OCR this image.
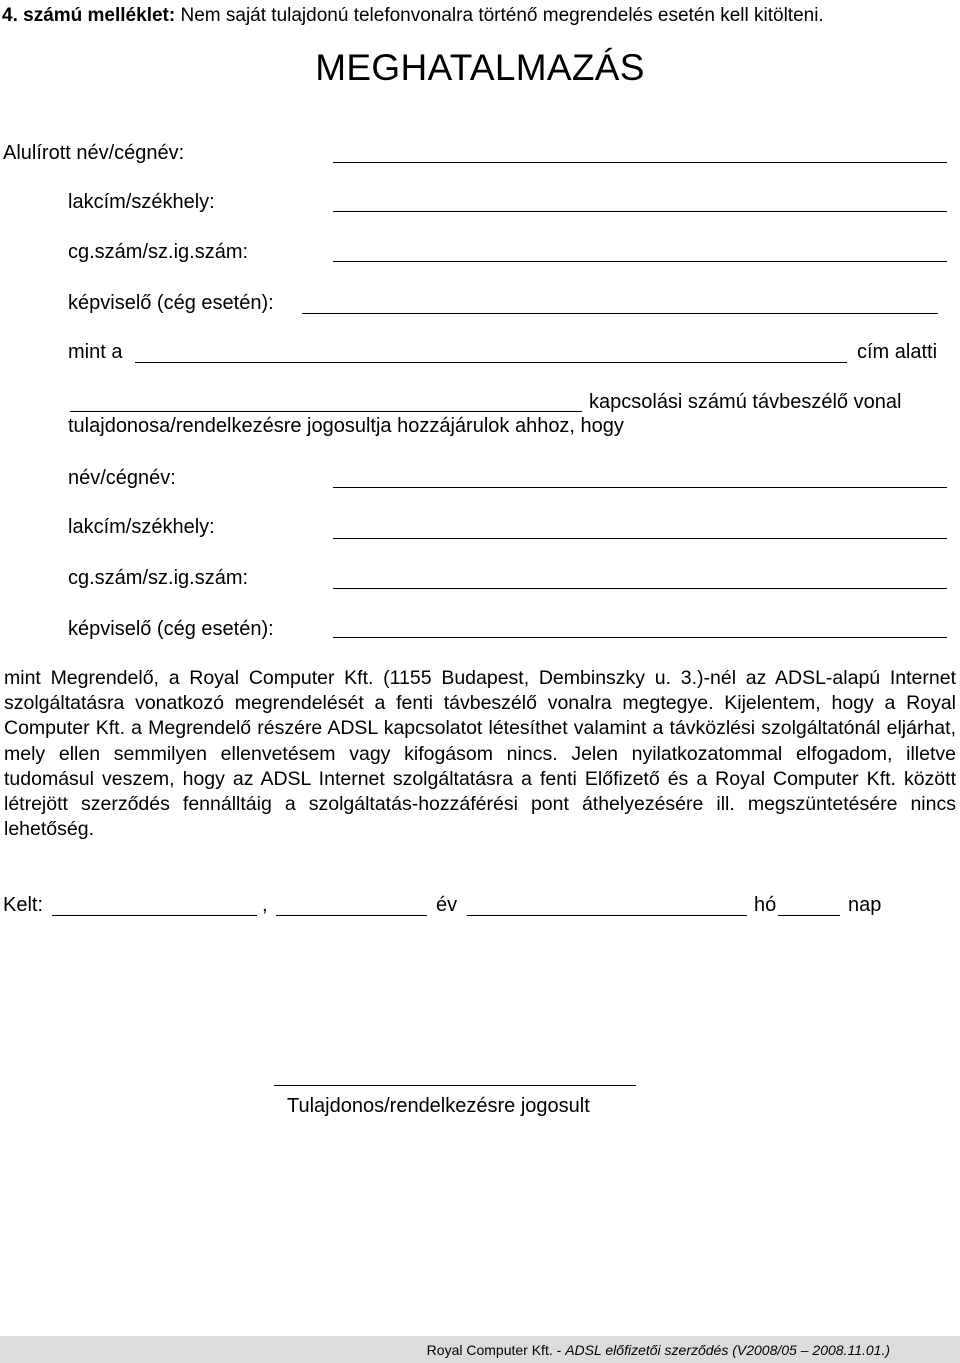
4. számú melléklet: Nem saját tulajdonú telefonvonalra történő megrendelés esetén kell kitölteni.
MEGHATALMAZÁS
Alulírott név/cégnév:
lakcím/székhely:
cg.szám/sz.ig.szám:
képviselő (cég esetén):
mint a	cím alatti
kapcsolási számú távbeszélő vonal
tulajdonosa/rendelkezésre jogosultja hozzájárulok ahhoz, hogy
név/cégnév:
lakcím/székhely:
cg.szám/sz.ig.szám:
képviselő (cég esetén):
mint Megrendelő, a Royal Computer Kft. (1155 Budapest, Dembinszky u. 3.)-nél az ADSL-alapú Internet szolgáltatásra vonatkozó megrendelését a fenti távbeszélő vonalra megtegye. Kijelentem, hogy a Royal Computer Kft. a Megrendelő részére ADSL kapcsolatot létesíthet valamint a távközlési szolgáltatónál eljárhat, mely ellen semmilyen ellenvetésem vagy kifogásom nincs. Jelen nyilatkozatommal elfogadom, illetve tudomásul veszem, hogy az ADSL Internet szolgáltatásra a fenti Előfizető és a Royal Computer Kft. között létrejött szerződés fennálltáig a szolgáltatás-hozzáférési pont áthelyezésére ill. megszüntetésére nincs lehetőség.
Kelt:	,	év	hó	nap
Tulajdonos/rendelkezésre jogosult
Royal Computer Kft. - ADSL előfizetői szerződés (V2008/05 – 2008.11.01.)
